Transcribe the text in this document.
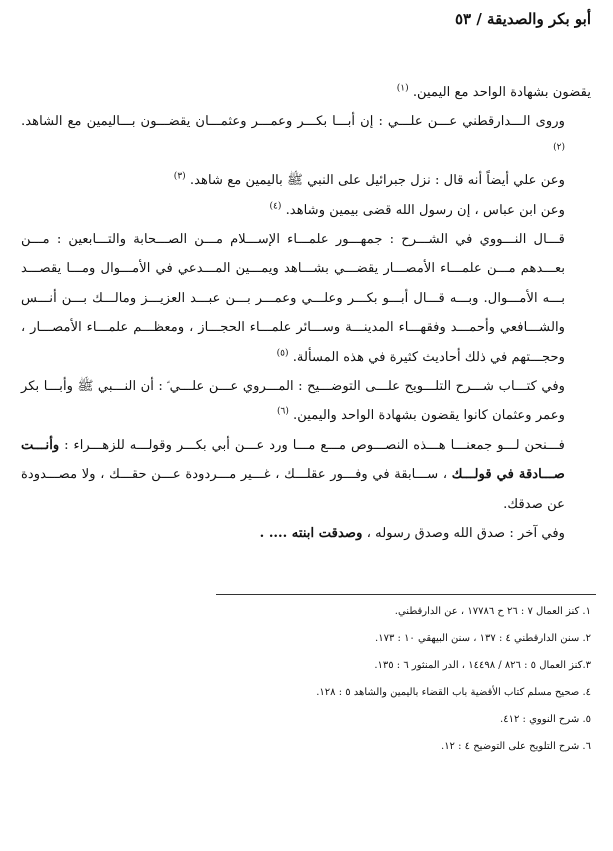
أبو بكر والصديقة / ٥٣

يقضون بشهادة الواحد مع اليمين. $^{(١)}$

وروى الـــدارقطني عـــن علـــي : إن أبـــا بكـــر وعمـــر وعثمـــان يقضـــون بـــاليمين مع الشاهد. $^{(٢)}$

وعن علي أيضاً أنه قال : نزل جبرائيل على النبي ﷺ باليمين مع شاهد. $^{(٣)}$

وعن ابن عباس ، إن رسول الله قضى بيمين وشاهد. $^{(٤)}$

قـــال النـــووي في الشـــرح : جمهـــور علمـــاء الإســـلام مـــن الصـــحابة والتـــابعين : مـــن بعـــدهم مـــن علمـــاء الأمصـــار يقضـــي بشـــاهد ويمـــين المـــدعي في الأمـــوال ومـــا يقصـــد بـــه الأمـــوال. وبـــه قـــال أبـــو بكـــر وعلـــي وعمـــر بـــن عبـــد العزيـــز ومالـــك بـــن أنـــس والشـــافعي وأحمـــد وفقهـــاء المدينـــة وســـائر علمـــاء الحجـــاز ، ومعظـــم علمـــاء الأمصـــار ، وحجـــتهم في ذلك أحاديث كثيرة في هذه المسألة. $^{(٥)}$

وفي كتـــاب شـــرح التلـــويح علـــى التوضـــيح : المـــروي عـــن علـــي ؑ : أن النـــبي ﷺ وأبـــا بكر وعمر وعثمان كانوا يقضون بشهادة الواحد واليمين. $^{(٦)}$

فـــنحن لـــو جمعنـــا هـــذه النصـــوص مـــع مـــا ورد عـــن أبي بكـــر وقولـــه للزهـــراء : وأنـــت صـــادقة في قولـــك ، ســـابقة في وفـــور عقلـــك ، غـــير مـــردودة عـــن حقـــك ، ولا مصـــدودة عن صدقك.

وفي آخر : صدق الله وصدق رسوله ، وصدقت ابنته .... .

١. كنز العمال ٧ : ٢٦ ح ١٧٧٨٦ ، عن الدارقطني.
٢. سنن الدارقطني ٤ : ١٣٧ ، سنن البيهقي ١٠ : ١٧٣.
٣.كنز العمال ٥ : ٨٢٦ / ١٤٤٩٨ ، الدر المنثور ٦ : ١٣٥.
٤. صحيح مسلم كتاب الأقضية باب القضاء باليمين والشاهد ٥ : ١٢٨.
٥. شرح النووي : ٤١٢.
٦. شرح التلويح على التوضيح ٤ : ١٢.
